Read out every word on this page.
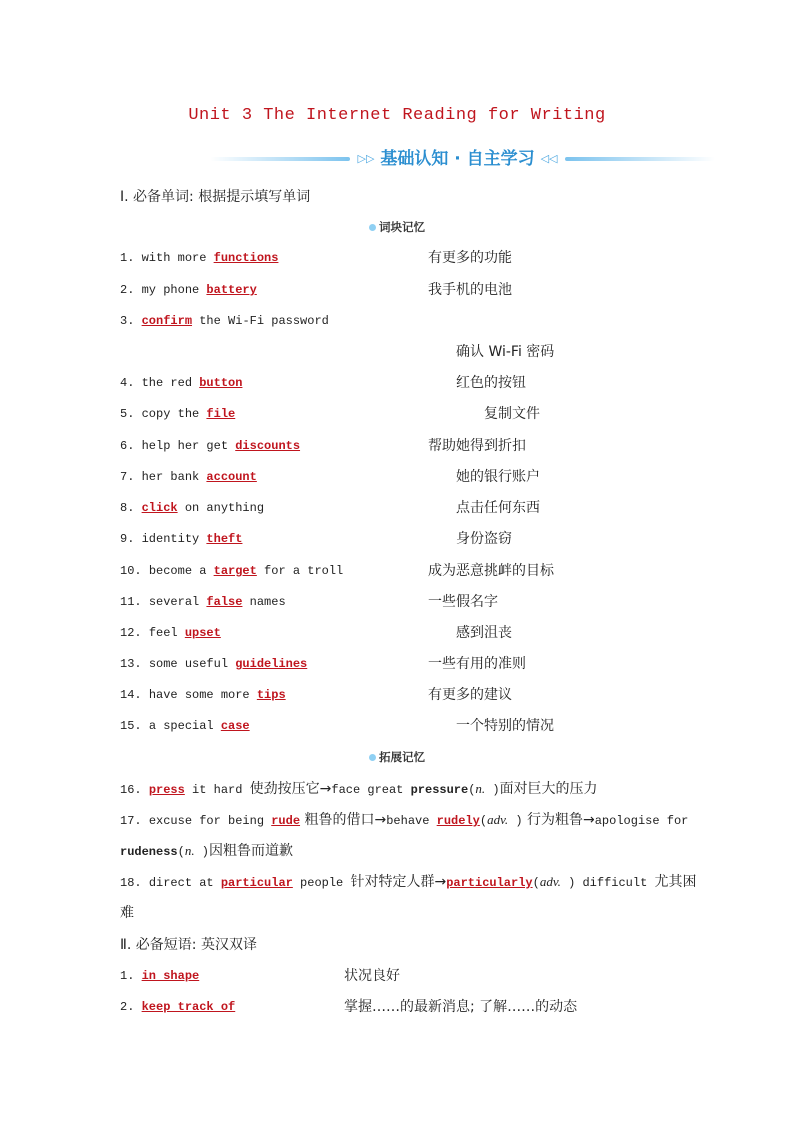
Unit 3 The Internet Reading for Writing
▷▷ 基础认知 · 自主学习 ◁◁
Ⅰ. 必备单词: 根据提示填写单词
词块记忆
1. with more functions	有更多的功能
2. my phone battery	我手机的电池
3. confirm the Wi-Fi password
确认 Wi-Fi 密码
4. the red button	红色的按钮
5. copy the file	复制文件
6. help her get discounts	帮助她得到折扣
7. her bank account	她的银行账户
8. click on anything	点击任何东西
9. identity theft	身份盗窃
10. become a target for a troll	成为恶意挑衅的目标
11. several false names	一些假名字
12. feel upset	感到沮丧
13. some useful guidelines	一些有用的准则
14. have some more tips	有更多的建议
15. a special case	一个特别的情况
拓展记忆
16. press it hard 使劲按压它→face great pressure(n. )面对巨大的压力
17. excuse for being rude 粗鲁的借口→behave rudely(adv. ) 行为粗鲁→apologise for
rudeness(n. )因粗鲁而道歉
18. direct at particular people 针对特定人群→particularly(adv. ) difficult 尤其困
难
Ⅱ. 必备短语: 英汉双译
1. in shape	状况良好
2. keep track of	掌握……的最新消息; 了解……的动态
